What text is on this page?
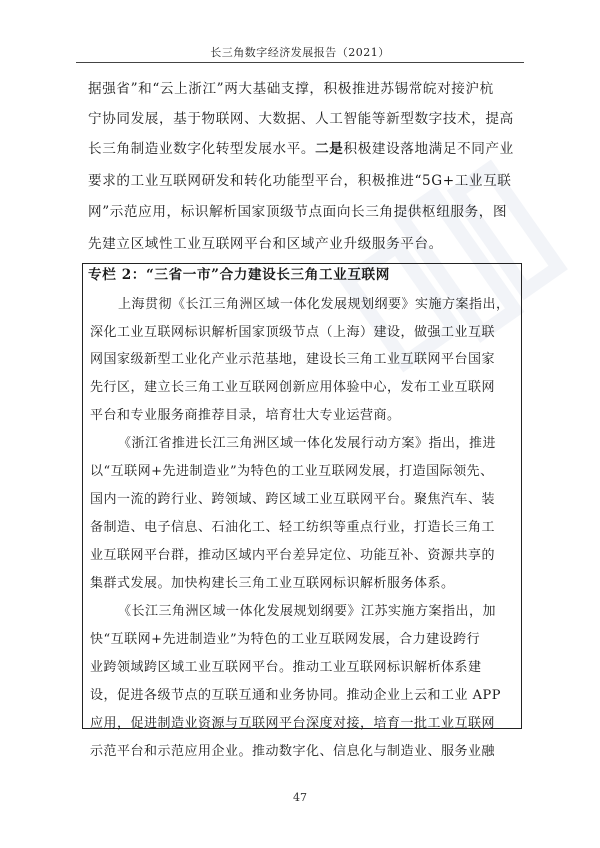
长三角数字经济发展报告（2021）
据强省”和“云上浙江”两大基础支撑，积极推进苏锡常皖对接沪杭
宁协同发展，基于物联网、大数据、人工智能等新型数字技术，提高
长三角制造业数字化转型发展水平。二是积极建设落地满足不同产业
要求的工业互联网研发和转化功能型平台，积极推进“5G+工业互联
网”示范应用，标识解析国家顶级节点面向长三角提供枢纽服务，图
先建立区域性工业互联网平台和区域产业升级服务平台。
专栏 2：“三省一市”合力建设长三角工业互联网
上海贯彻《长江三角洲区域一体化发展规划纲要》实施方案指出，
深化工业互联网标识解析国家顶级节点（上海）建设，做强工业互联
网国家级新型工业化产业示范基地，建设长三角工业互联网平台国家
先行区，建立长三角工业互联网创新应用体验中心，发布工业互联网
平台和专业服务商推荐目录，培育壮大专业运营商。
《浙江省推进长江三角洲区域一体化发展行动方案》指出，推进
以“互联网+先进制造业”为特色的工业互联网发展，打造国际领先、
国内一流的跨行业、跨领域、跨区域工业互联网平台。聚焦汽车、装
备制造、电子信息、石油化工、轻工纺织等重点行业，打造长三角工
业互联网平台群，推动区域内平台差异定位、功能互补、资源共享的
集群式发展。加快构建长三角工业互联网标识解析服务体系。
《长江三角洲区域一体化发展规划纲要》江苏实施方案指出，加
快“互联网+先进制造业”为特色的工业互联网发展，合力建设跨行
业跨领域跨区域工业互联网平台。推动工业互联网标识解析体系建
设，促进各级节点的互联互通和业务协同。推动企业上云和工业 APP
应用，促进制造业资源与互联网平台深度对接，培育一批工业互联网
示范平台和示范应用企业。推动数字化、信息化与制造业、服务业融
47
